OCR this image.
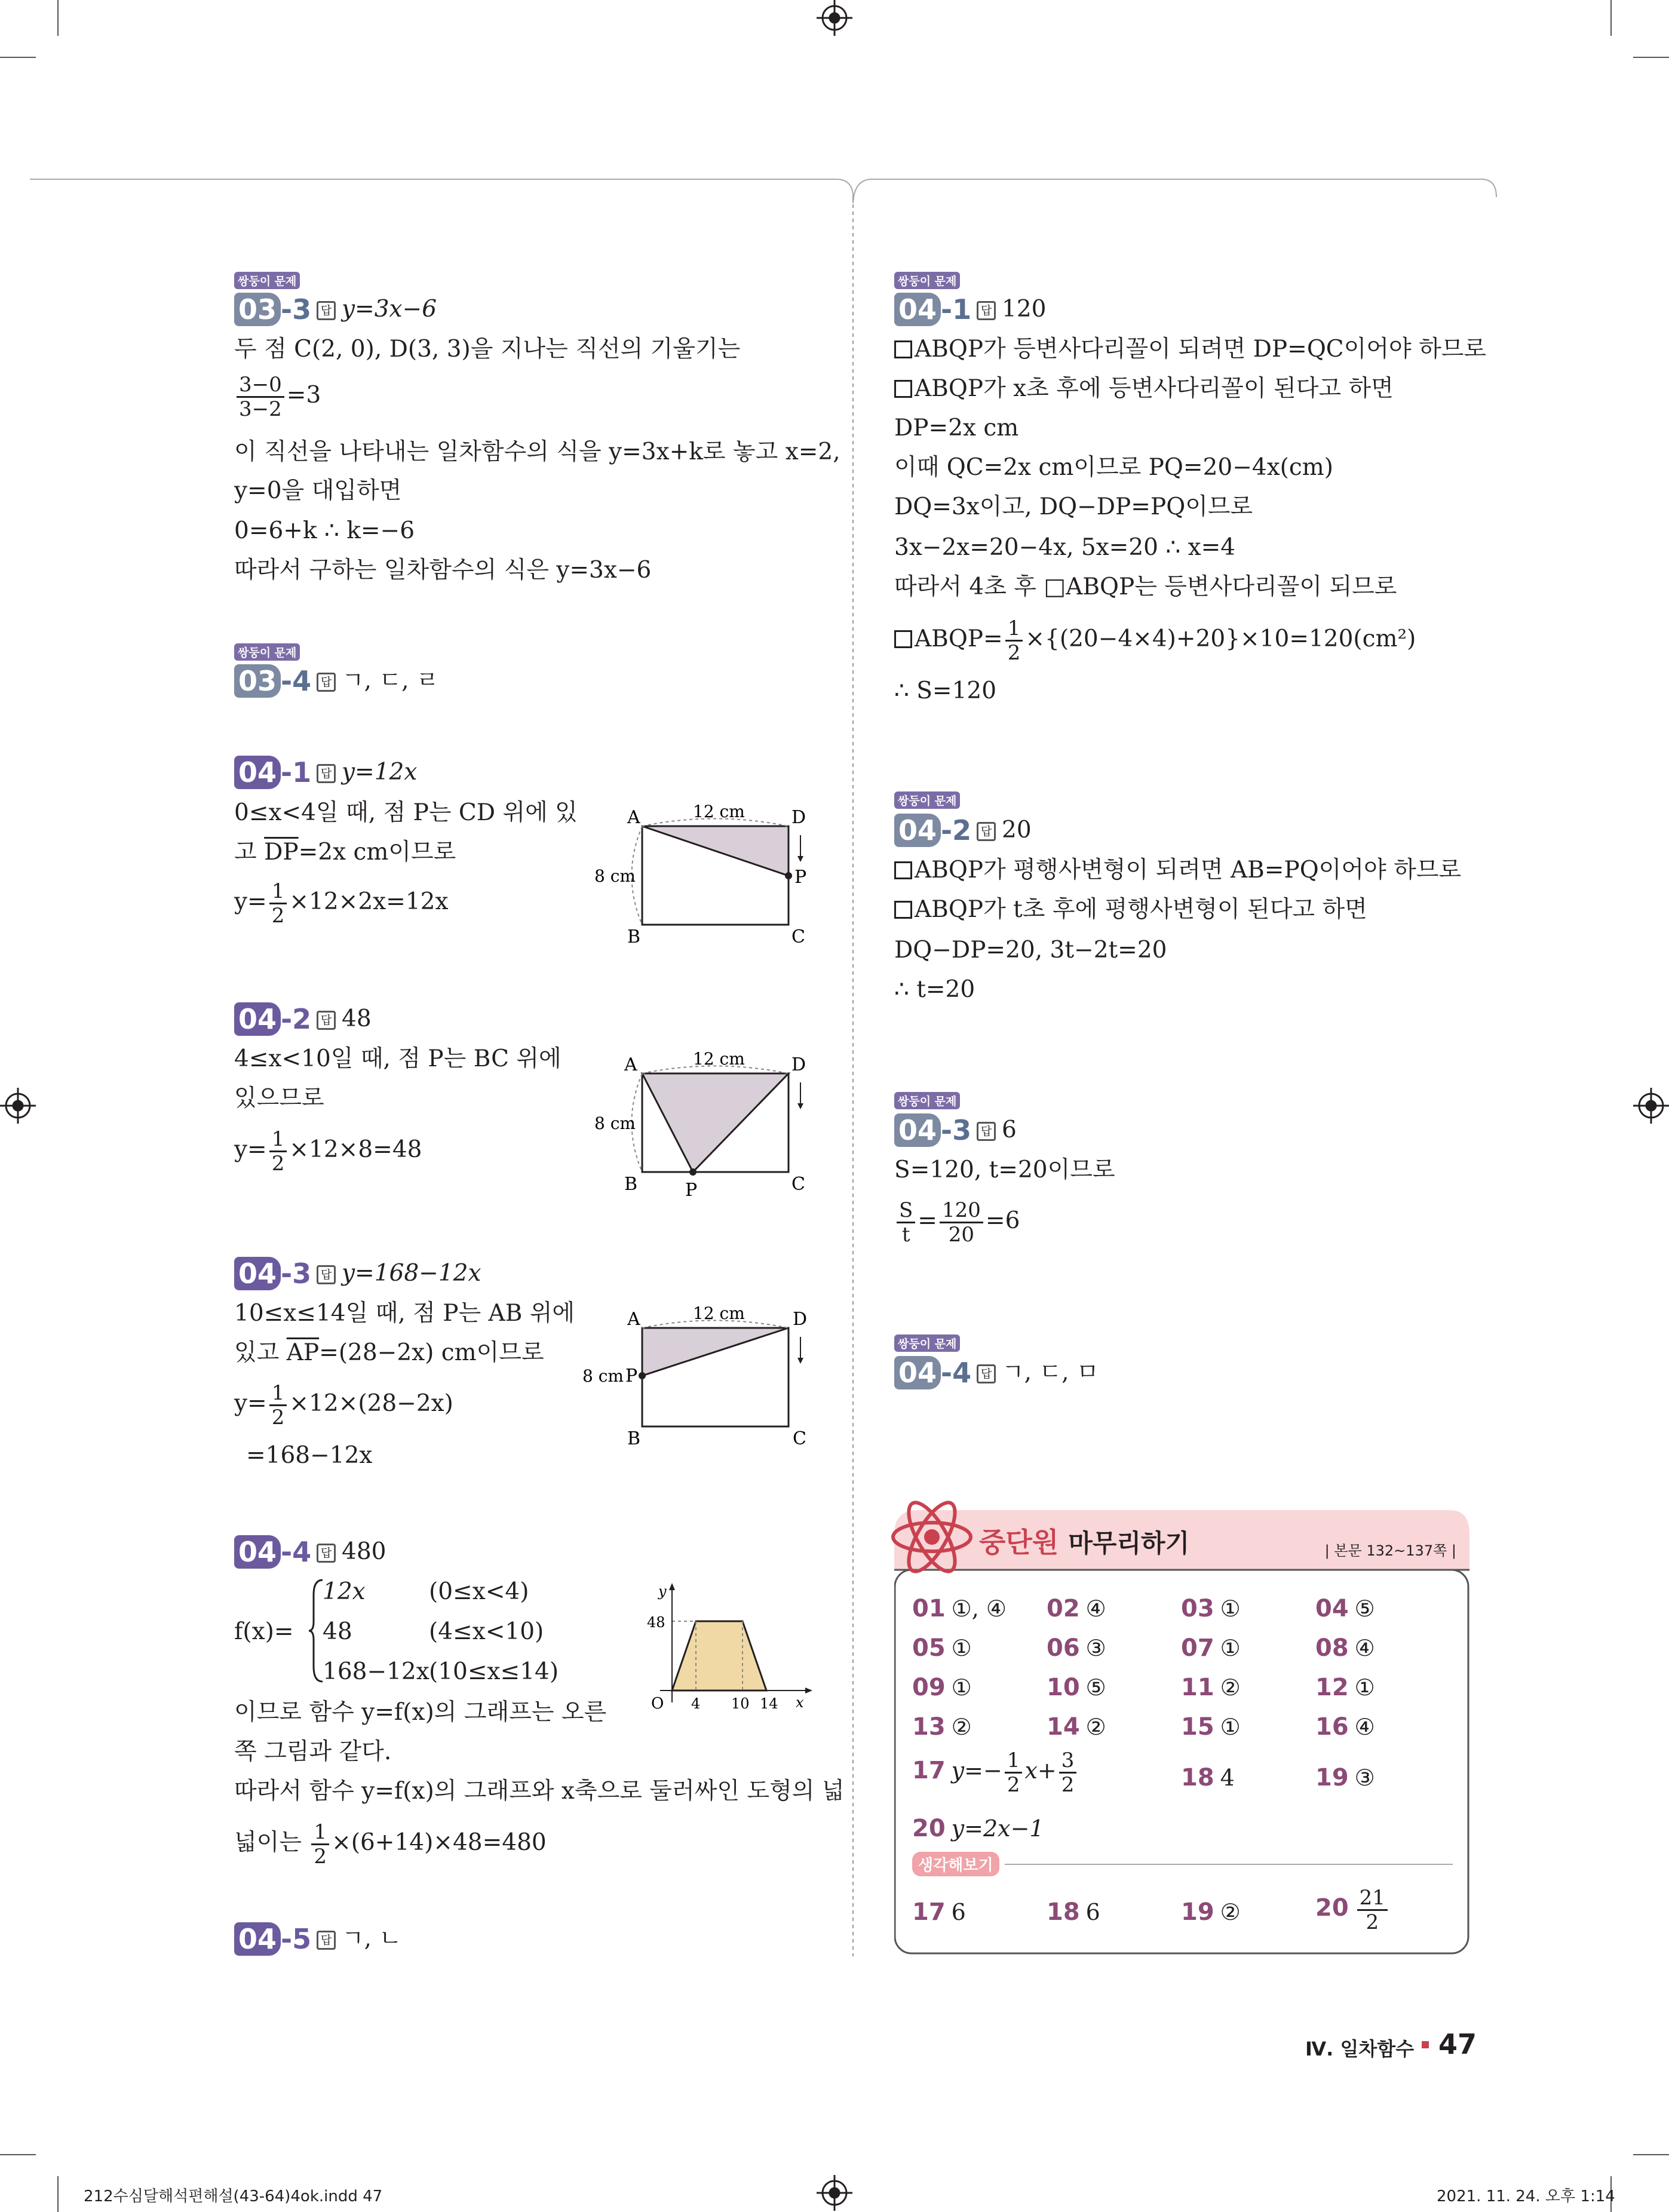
쌍둥이 문제
03 -3 답 y=3x−6
두 점 C(2, 0), D(3, 3)을 지나는 직선의 기울기는
$\frac{3-0}{3-2} =3$
이 직선을 나타내는 일차함수의 식을 y=3x+k로 놓고 x=2,
y=0을 대입하면
0=6+k ∴ k=−6
따라서 구하는 일차함수의 식은 y=3x−6
쌍둥이 문제
03 -4 답 ㄱ, ㄷ, ㄹ
04 -1 답 y=12x
0≤x<4일 때, 점 P는 CD 위에 있
고 $\overline{DP}=2x$ cm이므로
$y= \frac{1}{2} \times 12\times 2x=12x$
A	D
B	C
P
12 cm
8 cm
04 -2 답 48
4≤x<10일 때, 점 P는 BC 위에
있으므로
$y= \frac{1}{2} \times 12\times 8=48$
A	D
B	C
P
12 cm
8 cm
04 -3 답 y=168−12x
10≤x≤14일 때, 점 P는 AB 위에
있고 $\overline{AP}=(28-2x)$ cm이므로
$y= \frac{1}{2} \times 12\times(28-2x)$
=168−12x
A	D
B	C
P
12 cm
8 cm
04 -4 답 480
f(x)=
12x	(0≤x<4)
48	(4≤x<10)
168−12x (10≤x≤14)
이므로 함수 y=f(x)의 그래프는 오른
쪽 그림과 같다.
따라서 함수 y=f(x)의 그래프와 x축으로 둘러싸인 도형의 넓
넓이는 $\frac{1}{2} \times(6+14)\times 48=480$
y
x
O
48
4 10 14
04 -5 답 ㄱ, ㄴ
쌍둥이 문제
04 -1 답 120
ABQP가 등변사다리꼴이 되려면 DP=QC이어야 하므로
ABQP가 x초 후에 등변사다리꼴이 된다고 하면
DP=2x cm
이때 QC=2x cm이므로 PQ=20−4x(cm)
DQ=3x이고, DQ−DP=PQ이므로
3x−2x=20−4x, 5x=20 ∴ x=4
따라서 4초 후 □ABQP는 등변사다리꼴이 되므로
ABQP= $\frac{1}{2} \times\{(20-4\times 4)+20\}\times 10=120(cm^2)$
∴ S=120
쌍둥이 문제
04 -2 답 20
ABQP가 평행사변형이 되려면 AB=PQ이어야 하므로
ABQP가 t초 후에 평행사변형이 된다고 하면
DQ−DP=20, 3t−2t=20
∴ t=20
쌍둥이 문제
04 -3 답 6
S=120, t=20이므로
$\frac{S}{t} = \frac{120}{20} =6$
쌍둥이 문제
04 -4 답 ㄱ, ㄷ, ㅁ
중단원 마무리하기	| 본문 132~137쪽 |
01 ①, ④ 02 ④	03 ①	04 ⑤
05 ①	06 ③	07 ①	08 ④
09 ①	10 ⑤	11 ②	12 ①
13 ②	14 ②	15 ①	16 ④
17 $y=- \frac{1}{2} x+ \frac{3}{2}$	18 4	19 ③
20 y=2x−1
생각해보기
17 6	18 6	19 ②	$20 \frac{21}{2}$
Ⅳ. 일차함수 47
212수심달해석편해설(43-64)4ok.indd 47	2021. 11. 24. 오후 1:14
